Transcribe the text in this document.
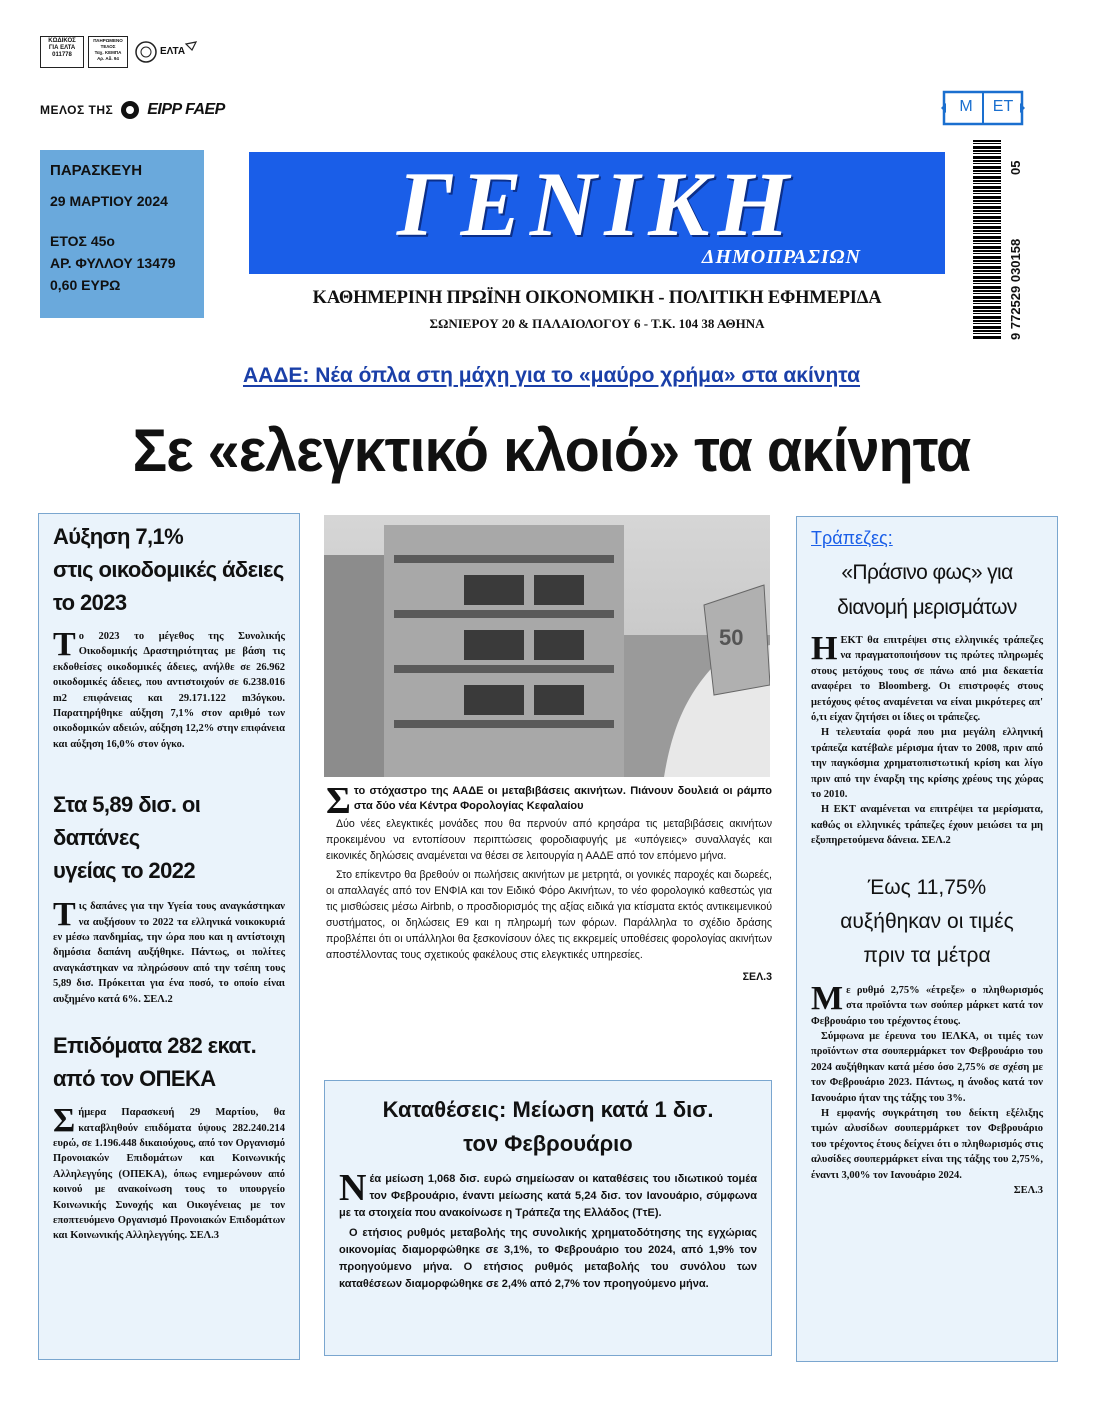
ΚΩΔΙΚΟΣ
ΓΙΑ ΕΛΤΑ
011778
ΠΛΗΡΩΜΕΝΟ
ΤΕΛΟΣ
Ταχ. ΚΕΜΠΑ
Αρ. Αδ. 94
ΕΛΤΑ
ΜΕΛΟΣ ΤΗΣ EIPP FAEP	Μ	ΕΤ
ΠΑΡΑΣΚΕΥΗ
29 ΜΑΡΤΙΟΥ 2024
ΕΤΟΣ 45ο
ΑΡ. ΦΥΛΛΟΥ 13479
0,60 ΕΥΡΩ
ΓΕΝΙΚΗ
ΔΗΜΟΠΡΑΣΙΩΝ
ΚΑΘΗΜΕΡΙΝΗ ΠΡΩΪΝΗ ΟΙΚΟΝΟΜΙΚΗ - ΠΟΛΙΤΙΚΗ ΕΦΗΜΕΡΙΔΑ
ΣΩΝΙΕΡΟΥ 20 & ΠΑΛΑΙΟΛΟΓΟΥ 6 - Τ.Κ. 104 38 ΑΘΗΝΑ	9 772529 030158
05
ΑΑΔΕ: Νέα όπλα στη μάχη για το «μαύρο χρήμα» στα ακίνητα
Σε «ελεγκτικό κλοιό» τα ακίνητα
Αύξηση 7,1%
στις οικοδομικές άδειες
το 2023
Τ ο 2023 το μέγεθος της Συνολικής Οικοδομικής Δραστηριότητας με βάση τις εκδοθείσες οικοδομικές άδειες, ανήλθε σε 26.962 οικοδομικές άδειες, που αντιστοιχούν σε 6.238.016 m2 επιφάνειας και 29.171.122 m3όγκου. Παρατηρήθηκε αύξηση 7,1% στον αριθμό των οικοδομικών αδειών, αύξηση 12,2% στην επιφάνεια και αύξηση 16,0% στον όγκο.
Στα 5,89 δισ. οι δαπάνες
υγείας το 2022
Τ ις δαπάνες για την Υγεία τους αναγκάστηκαν να αυξήσουν το 2022 τα ελληνικά νοικοκυριά εν μέσω πανδημίας, την ώρα που και η αντίστοιχη δημόσια δαπάνη αυξήθηκε. Πάντως, οι πολίτες αναγκάστηκαν να πληρώσουν από την τσέπη τους 5,89 δισ. Πρόκειται για ένα ποσό, το οποίο είναι αυξημένο κατά 6%. ΣΕΛ.2
Επιδόματα 282 εκατ.
από τον ΟΠΕΚΑ
Σ ήμερα Παρασκευή 29 Μαρτίου, θα καταβληθούν επιδόματα ύψους 282.240.214 ευρώ, σε 1.196.448 δικαιούχους, από τον Οργανισμό Προνοιακών Επιδομάτων και Κοινωνικής Αλληλεγγύης (ΟΠΕΚΑ), όπως ενημερώνουν από κοινού με ανακοίνωση τους το υπουργείο Κοινωνικής Συνοχής και Οικογένειας με τον εποπτευόμενο Οργανισμό Προνοιακών Επιδομάτων και Κοινωνικής Αλληλεγγύης. ΣΕΛ.3
50
Σ το στόχαστρο της ΑΑΔΕ οι μεταβιβάσεις ακινήτων. Πιάνουν δουλειά οι ράμπο στα δύο νέα Κέντρα Φορολογίας Κεφαλαίου
Δύο νέες ελεγκτικές μονάδες που θα περνούν από κρησάρα τις μεταβιβάσεις ακινήτων προκειμένου να εντοπίσουν περιπτώσεις φοροδιαφυγής με «υπόγειες» συναλλαγές και εικονικές δηλώσεις αναμένεται να θέσει σε λειτουργία η ΑΑΔΕ από τον επόμενο μήνα.
Στο επίκεντρο θα βρεθούν οι πωλήσεις ακινήτων με μετρητά, οι γονικές παροχές και δωρεές, οι απαλλαγές από τον ΕΝΦΙΑ και τον Ειδικό Φόρο Ακινήτων, το νέο φορολογικό καθεστώς για τις μισθώσεις μέσω Airbnb, ο προσδιορισμός της αξίας ειδικά για κτίσματα εκτός αντικειμενικού συστήματος, οι δηλώσεις Ε9 και η πληρωμή των φόρων. Παράλληλα το σχέδιο δράσης προβλέπει ότι οι υπάλληλοι θα ξεσκονίσουν όλες τις εκκρεμείς υποθέσεις φορολογίας ακινήτων αποστέλλοντας τους σχετικούς φακέλους στις ελεγκτικές υπηρεσίες.
ΣΕΛ.3
Καταθέσεις: Μείωση κατά 1 δισ.
τον Φεβρουάριο
Ν έα μείωση 1,068 δισ. ευρώ σημείωσαν οι καταθέσεις του ιδιωτικού τομέα τον Φεβρουάριο, έναντι μείωσης κατά 5,24 δισ. τον Ιανουάριο, σύμφωνα με τα στοιχεία που ανακοίνωσε η Τράπεζα της Ελλάδος (ΤτΕ).
Ο ετήσιος ρυθμός μεταβολής της συνολικής χρηματοδότησης της εγχώριας οικονομίας διαμορφώθηκε σε 3,1%, το Φεβρουάριο του 2024, από 1,9% τον προηγούμενο μήνα. Ο ετήσιος ρυθμός μεταβολής του συνόλου των καταθέσεων διαμορφώθηκε σε 2,4% από 2,7% τον προηγούμενο μήνα.
Τράπεζες:
«Πράσινο φως» για
διανομή μερισμάτων
Η ΕΚΤ θα επιτρέψει στις ελληνικές τράπεζες να πραγματοποιήσουν τις πρώτες πληρωμές στους μετόχους τους σε πάνω από μια δεκαετία αναφέρει το Bloomberg. Οι επιστροφές στους μετόχους φέτος αναμένεται να είναι μικρότερες απ' ό,τι είχαν ζητήσει οι ίδιες οι τράπεζες.
Η τελευταία φορά που μια μεγάλη ελληνική τράπεζα κατέβαλε μέρισμα ήταν το 2008, πριν από την παγκόσμια χρηματοπιστωτική κρίση και λίγο πριν από την έναρξη της κρίσης χρέους της χώρας το 2010.
Η ΕΚΤ αναμένεται να επιτρέψει τα μερίσματα, καθώς οι ελληνικές τράπεζες έχουν μειώσει τα μη εξυπηρετούμενα δάνεια. ΣΕΛ.2
Έως 11,75%
αυξήθηκαν οι τιμές
πριν τα μέτρα
Μ ε ρυθμό 2,75% «έτρεξε» ο πληθωρισμός στα προϊόντα των σούπερ μάρκετ κατά τον Φεβρουάριο του τρέχοντος έτους.
Σύμφωνα με έρευνα του ΙΕΛΚΑ, οι τιμές των προϊόντων στα σουπερμάρκετ τον Φεβρουάριο του 2024 αυξήθηκαν κατά μέσο όσο 2,75% σε σχέση με τον Φεβρουάριο 2023. Πάντως, η άνοδος κατά τον Ιανουάριο ήταν της τάξης του 3%.
Η εμφανής συγκράτηση του δείκτη εξέλιξης τιμών αλυσίδων σουπερμάρκετ τον Φεβρουάριο του τρέχοντος έτους δείχνει ότι ο πληθωρισμός στις αλυσίδες σουπερμάρκετ είναι της τάξης του 2,75%, έναντι 3,00% τον Ιανουάριο 2024.
ΣΕΛ.3
